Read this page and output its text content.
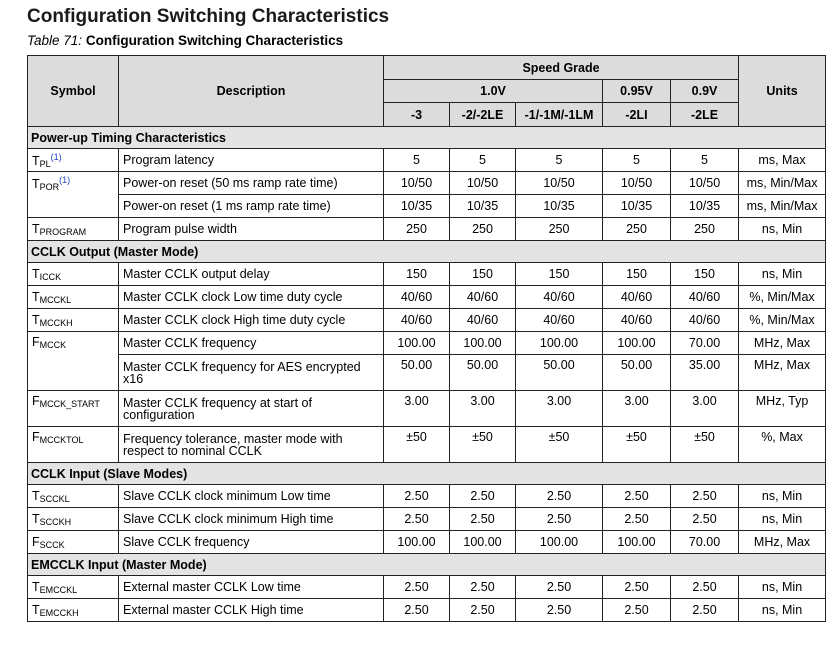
Configuration Switching Characteristics
Table 71: Configuration Switching Characteristics
Symbol	Description	Speed Grade					Units
		1.0V			0.95V	0.9V	
		-3	-2/-2LE	-1/-1M/-1LM	-2LI	-2LE	
Power-up Timing Characteristics							
$T_{PL}^{(1)}$	Program latency	5	5	5	5	5	ms, Max
$T_{POR}^{(1)}$	Power-on reset (50 ms ramp rate time)	10/50	10/50	10/50	10/50	10/50	ms, Min/Max
	Power-on reset (1 ms ramp rate time)	10/35	10/35	10/35	10/35	10/35	ms, Min/Max
$T_{PROGRAM}$	Program pulse width	250	250	250	250	250	ns, Min
CCLK Output (Master Mode)							
$T_{ICCK}$	Master CCLK output delay	150	150	150	150	150	ns, Min
$T_{MCCKL}$	Master CCLK clock Low time duty cycle	40/60	40/60	40/60	40/60	40/60	%, Min/Max
$T_{MCCKH}$	Master CCLK clock High time duty cycle	40/60	40/60	40/60	40/60	40/60	%, Min/Max
$F_{MCCK}$	Master CCLK frequency	100.00	100.00	100.00	100.00	70.00	MHz, Max
	Master CCLK frequency for AES encrypted x16	50.00	50.00	50.00	50.00	35.00	MHz, Max
$F_{MCCK\_START}$	Master CCLK frequency at start of configuration	3.00	3.00	3.00	3.00	3.00	MHz, Typ
$F_{MCCKTOL}$	Frequency tolerance, master mode with respect to nominal CCLK	±50	±50	±50	±50	±50	%, Max
CCLK Input (Slave Modes)							
$T_{SCCKL}$	Slave CCLK clock minimum Low time	2.50	2.50	2.50	2.50	2.50	ns, Min
$T_{SCCKH}$	Slave CCLK clock minimum High time	2.50	2.50	2.50	2.50	2.50	ns, Min
$F_{SCCK}$	Slave CCLK frequency	100.00	100.00	100.00	100.00	70.00	MHz, Max
EMCCLK Input (Master Mode)							
$T_{EMCCKL}$	External master CCLK Low time	2.50	2.50	2.50	2.50	2.50	ns, Min
$T_{EMCCKH}$	External master CCLK High time	2.50	2.50	2.50	2.50	2.50	ns, Min
